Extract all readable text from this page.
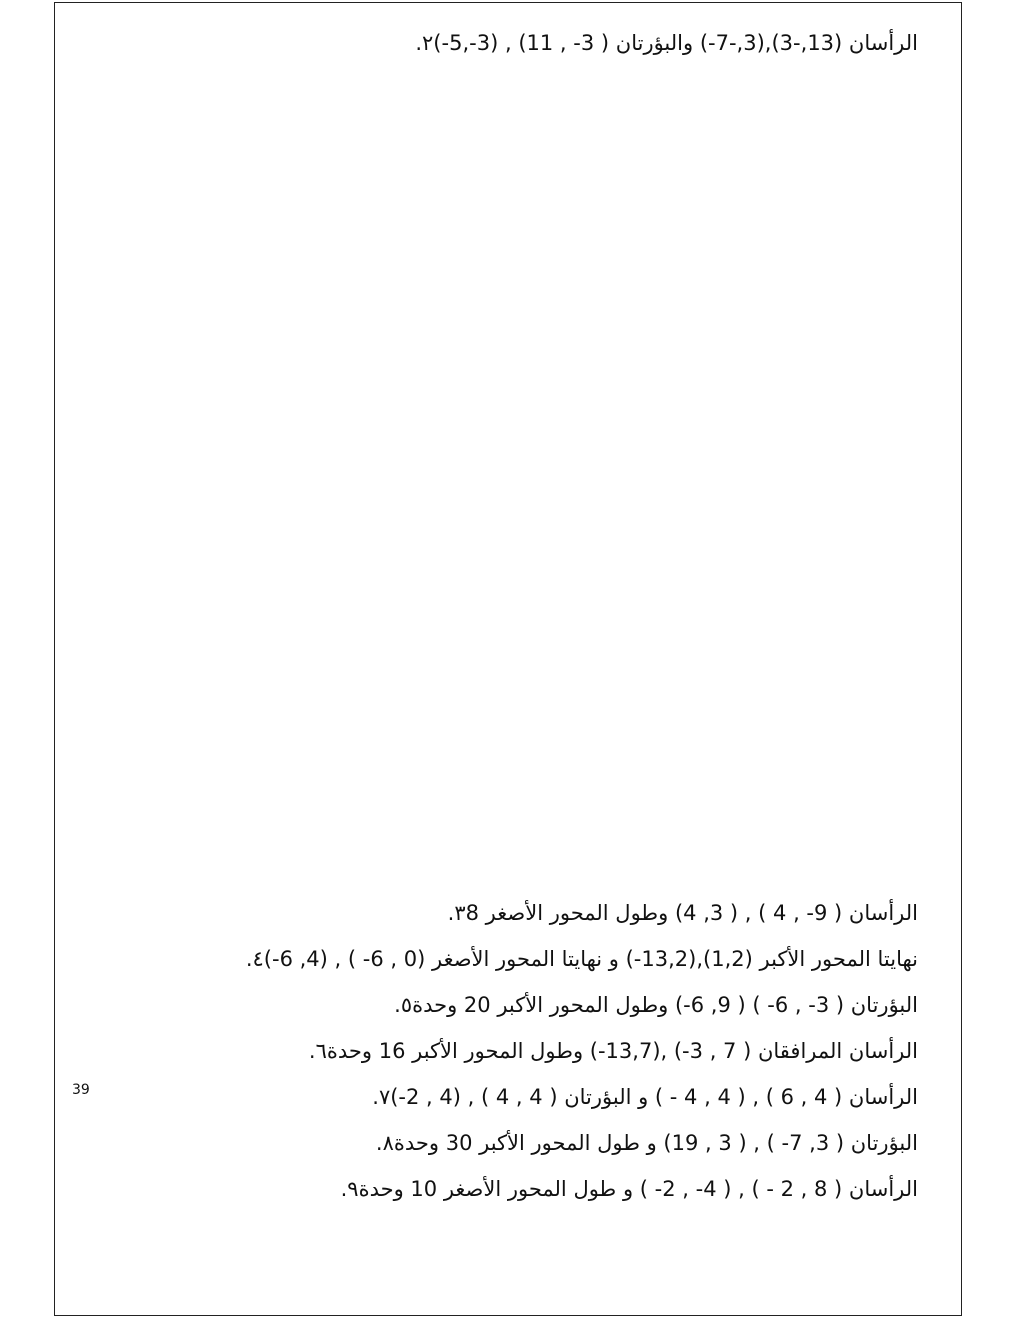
٢.الرأسان (13,-3),(3,-7-) والبؤرتان ( 3- , 11) , (3-,5-)
٣.الرأسان ( 9- , 4 ) , ( 3, 4) وطول المحور الأصغر 8
٤.نهايتا المحور الأكبر (1,2),(13,2-) و نهايتا المحور الأصغر (0 , 6- ) , (4, 6-)
٥.البؤرتان ( 3- , 6- ) ( 9, 6-) وطول المحور الأكبر 20 وحدة
٦.الرأسان المرافقان ( 7 , 3-) ,(13,7-) وطول المحور الأكبر 16 وحدة
٧.الرأسان ( 4 , 6 ) , ( 4 , 4 - ) و البؤرتان ( 4 , 4 ) , (4 , 2-)
٨.البؤرتان ( 3, 7- ) , ( 3 , 19) و طول المحور الأكبر 30 وحدة
٩.الرأسان ( 8 , 2 - ) , ( 4- , 2- ) و طول المحور الأصغر 10 وحدة
39
